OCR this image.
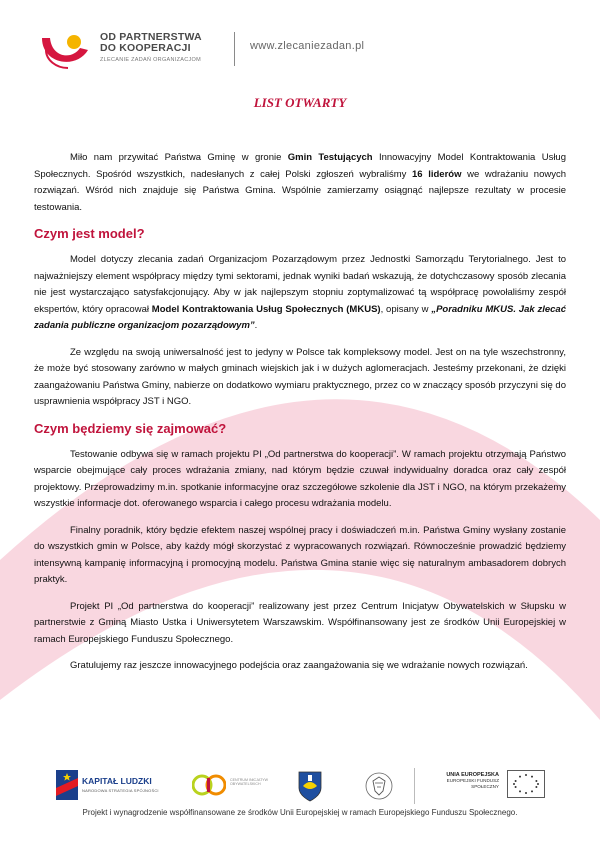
OD PARTNERSTWA
DO KOOPERACJI
ZLECANIE ZADAŃ ORGANIZACJOM
www.zlecaniezadan.pl
LIST OTWARTY

Miło nam przywitać Państwa Gminę w gronie Gmin Testujących Innowacyjny Model Kontraktowania Usług Społecznych. Spośród wszystkich, nadesłanych z całej Polski zgłoszeń wybraliśmy 16 liderów we wdrażaniu nowych rozwiązań. Wśród nich znajduje się Państwa Gmina. Wspólnie zamierzamy osiągnąć najlepsze rezultaty w procesie testowania.

Czym jest model?

Model dotyczy zlecania zadań Organizacjom Pozarządowym przez Jednostki Samorządu Terytorialnego. Jest to najważniejszy element współpracy między tymi sektorami, jednak wyniki badań wskazują, że dotychczasowy sposób zlecania nie jest wystarczająco satysfakcjonujący. Aby w jak najlepszym stopniu zoptymalizować tą współpracę powołaliśmy zespół ekspertów, który opracował Model Kontraktowania Usług Społecznych (MKUS), opisany w „Poradniku MKUS. Jak zlecać zadania publiczne organizacjom pozarządowym”.

Ze względu na swoją uniwersalność jest to jedyny w Polsce tak kompleksowy model. Jest on na tyle wszechstronny, że może być stosowany zarówno w małych gminach wiejskich jak i w dużych aglomeracjach. Jesteśmy przekonani, że dzięki zaangażowaniu Państwa Gminy, nabierze on dodatkowo wymiaru praktycznego, przez co w znaczący sposób przyczyni się do usprawnienia współpracy JST i NGO.

Czym będziemy się zajmować?

Testowanie odbywa się w ramach projektu PI „Od partnerstwa do kooperacji”. W ramach projektu otrzymają Państwo wsparcie obejmujące cały proces wdrażania zmiany, nad którym będzie czuwał indywidualny doradca oraz cały zespół projektowy. Przeprowadzimy m.in. spotkanie informacyjne oraz szczegółowe szkolenie dla JST i NGO, na którym przekażemy wszystkie informacje dot. oferowanego wsparcia i całego procesu wdrażania modelu.

Finalny poradnik, który będzie efektem naszej wspólnej pracy i doświadczeń m.in. Państwa Gminy wysłany zostanie do wszystkich gmin w Polsce, aby każdy mógł skorzystać z wypracowanych rozwiązań. Równocześnie prowadzić będziemy intensywną kampanię informacyjną i promocyjną modelu. Państwa Gmina stanie więc się naturalnym ambasadorem dobrych praktyk.

Projekt PI „Od partnerstwa do kooperacji” realizowany jest przez Centrum Inicjatyw Obywatelskich w Słupsku w partnerstwie z Gminą Miasto Ustka i Uniwersytetem Warszawskim. Współfinansowany jest ze środków Unii Europejskiej w ramach Europejskiego Funduszu Społecznego.

Gratulujemy raz jeszcze innowacyjnego podejścia oraz zaangażowania się we wdrażanie nowych rozwiązań.

KAPITAŁ LUDZKI
NARODOWA STRATEGIA SPÓJNOŚCI
CENTRUM INICJATYW OBYWATELSKICH
UNIA EUROPEJSKA
EUROPEJSKI FUNDUSZ SPOŁECZNY
Projekt i wynagrodzenie współfinansowane ze środków Unii Europejskiej w ramach Europejskiego Funduszu Społecznego.
